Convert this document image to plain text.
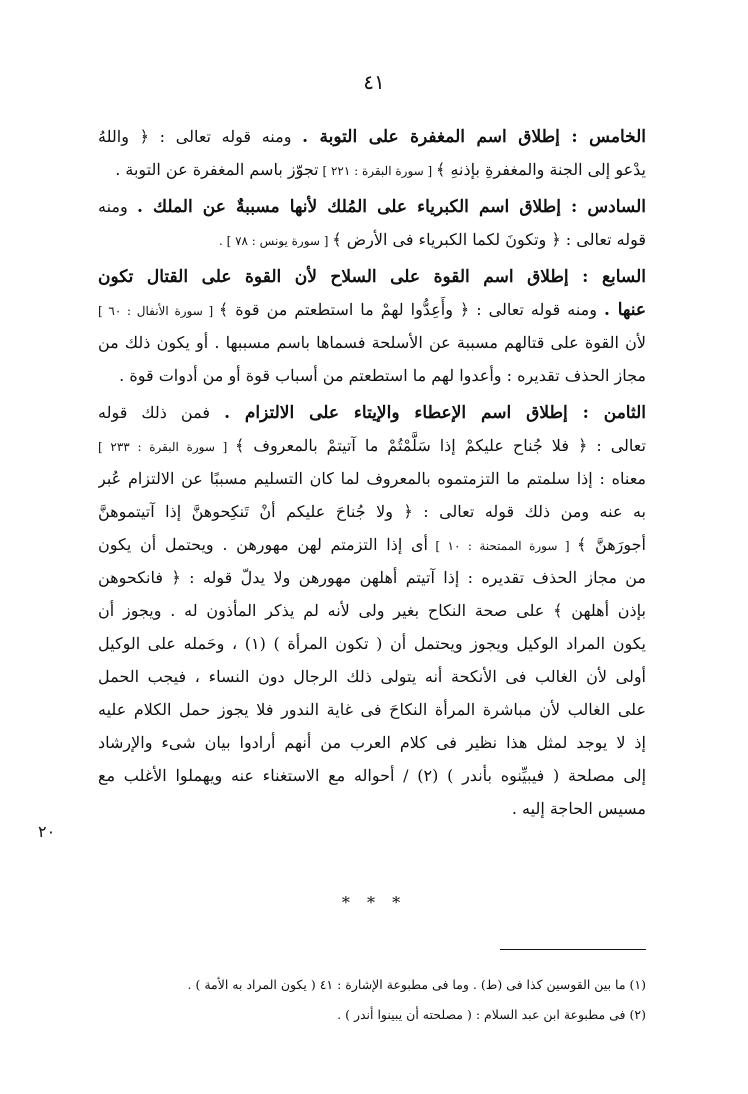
٤١
الخامس : إطلاق اسم المغفرة على التوبة . ومنه قوله تعالى : ﴿ واللهُ
يدْعو إلى الجنة والمغفرةِ بإذنهِ ﴾ [ سورة البقرة : ٢٢١ ] تجوّز باسم المغفرة عن التوبة .
السادس : إطلاق اسم الكبرياء على المُلك لأنها مسببةٌ عن الملك . ومنه
قوله تعالى : ﴿ وتكونَ لكما الكبرياء فى الأرض ﴾ [ سورة يونس : ٧٨ ] .
السابع : إطلاق اسم القوة على السلاح لأن القوة على القتال تكون
عنها . ومنه قوله تعالى : ﴿ وأَعِدُّوا لهمْ ما استطعتم من قوة ﴾ [ سورة الأنفال : ٦٠ ]
لأن القوة على قتالهم مسببة عن الأسلحة فسماها باسم مسببها . أو يكون ذلك من
مجاز الحذف تقديره : وأعدوا لهم ما استطعتم من أسباب قوة أو من أدوات قوة .
الثامن : إطلاق اسم الإعطاء والإيتاء على الالتزام . فمن ذلك قوله
تعالى : ﴿ فلا جُناح عليكمْ إذا سَلَّمْتُمْ ما آتيتمْ بالمعروف ﴾ [ سورة البقرة : ٢٣٣ ]
معناه : إذا سلمتم ما التزمتموه بالمعروف لما كان التسليم مسببًا عن الالتزام عُبر
به عنه ومن ذلك قوله تعالى : ﴿ ولا جُناحَ عليكم أنْ تَنكِحوهنَّ إذا آتيتموهنَّ
أجورَهنَّ ﴾ [ سورة الممتحنة : ١٠ ] أى إذا التزمتم لهن مهورهن . ويحتمل أن يكون
من مجاز الحذف تقديره : إذا آتيتم أهلهن مهورهن ولا يدلّ قوله : ﴿ فانكحوهن
بإذن أهلهن ﴾ على صحة النكاح بغير ولى لأنه لم يذكر المأذون له . ويجوز أن
يكون المراد الوكيل ويجوز ويحتمل أن ( تكون المرأة ) (١) ، وحَمله على الوكيل
أولى لأن الغالب فى الأنكحة أنه يتولى ذلك الرجال دون النساء ، فيجب الحمل
على الغالب لأن مباشرة المرأة النكاحَ فى غاية الندور فلا يجوز حمل الكلام عليه
إذ لا يوجد لمثل هذا نظير فى كلام العرب من أنهم أرادوا بيان شىء والإرشاد
إلى مصلحة ( فيبيِّنوه بأندر ) (٢) / أحواله مع الاستغناء عنه ويهملوا الأغلب مع
مسيس الحاجة إليه .
٢٠
* * *
(١) ما بين القوسين كذا فى (ط) . وما فى مطبوعة الإشارة : ٤١ ( يكون المراد به الأمة ) .
(٢) فى مطبوعة ابن عبد السلام : ( مصلحته أن يبينوا أندر ) .
